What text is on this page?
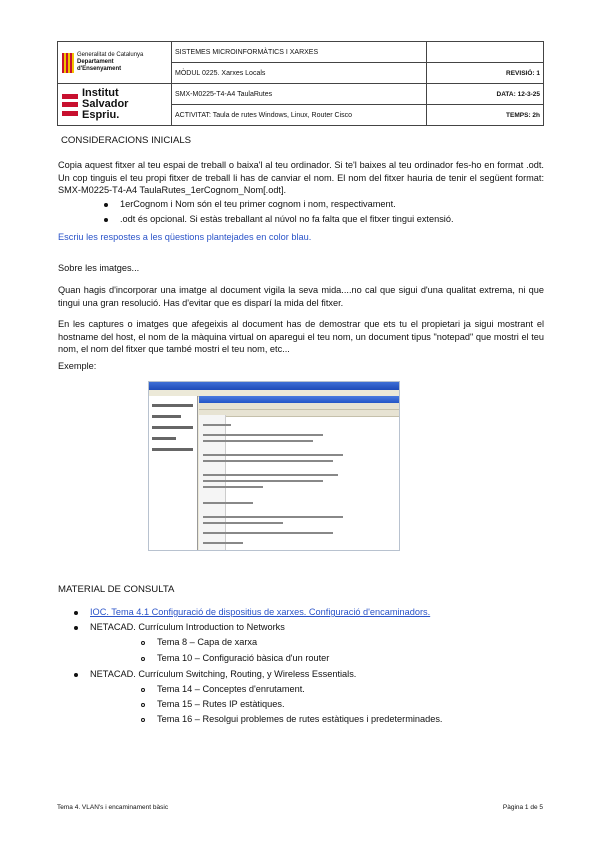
Generalitat de Catalunya
Departament
d'Ensenyament	SISTEMES MICROINFORMÀTICS I XARXES	
	MÒDUL 0225. Xarxes Locals	REVISIÓ: 1

Institut
Salvador
Espriu.	SMX-M0225-T4-A4 TaulaRutes	DATA: 12-3-25
	ACTIVITAT: Taula de rutes Windows, Linux, Router Cisco	TEMPS: 2h

CONSIDERACIONS INICIALS

Copia aquest fitxer al teu espai de treball o baixa'l al teu ordinador. Si te'l baixes al teu ordinador fes-ho en format .odt. Un cop tinguis el teu propi fitxer de treball li has de canviar el nom. El nom del fitxer hauria de tenir el següent format: SMX-M0225-T4-A4 TaulaRutes_1erCognom_Nom[.odt].

1erCognom i Nom són el teu primer cognom i nom, respectivament.
.odt és opcional. Si estàs treballant al núvol no fa falta que el fitxer tingui extensió.

Escriu les respostes a les qüestions plantejades en color blau.

Sobre les imatges...

Quan hagis d'incorporar una imatge al document vigila la seva mida....no cal que sigui d'una qualitat extrema, ni que tingui una gran resolució. Has d'evitar que es disparí la mida del fitxer.

En les captures o imatges que afegeixis al document has de demostrar que ets tu el propietari ja sigui mostrant el hostname del host, el nom de la màquina virtual on aparegui el teu nom, un document tipus "notepad" que mostri el teu nom, el nom del fitxer que també mostri el teu nom, etc...

Exemple:

MATERIAL DE CONSULTA

IOC. Tema 4.1 Configuració de dispositius de xarxes. Configuració d'encaminadors.
NETACAD. Currículum Introduction to Networks
Tema 8 – Capa de xarxa
Tema 10 – Configuració bàsica d'un router
NETACAD. Currículum Switching, Routing, y Wireless Essentials.
Tema 14 – Conceptes d'enrutament.
Tema 15 – Rutes IP estàtiques.
Tema 16 – Resolgui problemes de rutes estàtiques i predeterminades.
Tema 4. VLAN's i encaminament bàsic	Pàgina 1 de 5
